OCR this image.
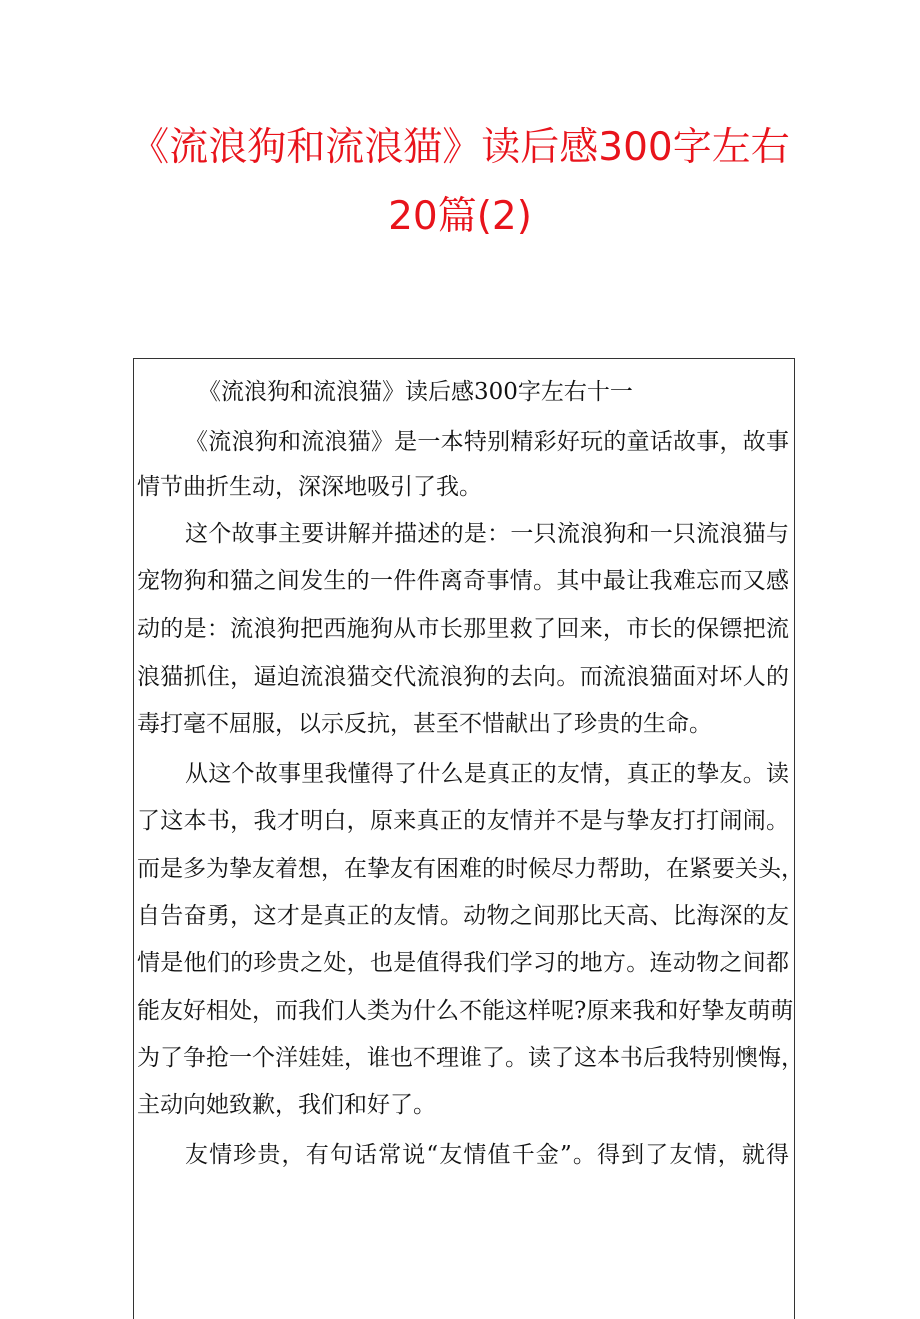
《流浪狗和流浪猫》读后感300字左右
20篇(2)

《流浪狗和流浪猫》读后感300字左右十一

《流浪狗和流浪猫》是一本特别精彩好玩的童话故事，故事

情节曲折生动，深深地吸引了我。

这个故事主要讲解并描述的是：一只流浪狗和一只流浪猫与

宠物狗和猫之间发生的一件件离奇事情。其中最让我难忘而又感

动的是：流浪狗把西施狗从市长那里救了回来，市长的保镖把流

浪猫抓住，逼迫流浪猫交代流浪狗的去向。而流浪猫面对坏人的

毒打毫不屈服，以示反抗，甚至不惜献出了珍贵的生命。

从这个故事里我懂得了什么是真正的友情，真正的挚友。读

了这本书，我才明白，原来真正的友情并不是与挚友打打闹闹。

而是多为挚友着想，在挚友有困难的时候尽力帮助，在紧要关头，

自告奋勇，这才是真正的友情。动物之间那比天高、比海深的友

情是他们的珍贵之处，也是值得我们学习的地方。连动物之间都

能友好相处，而我们人类为什么不能这样呢?原来我和好挚友萌萌

为了争抢一个洋娃娃，谁也不理谁了。读了这本书后我特别懊悔，

主动向她致歉，我们和好了。

友情珍贵，有句话常说“友情值千金”。得到了友情，就得
